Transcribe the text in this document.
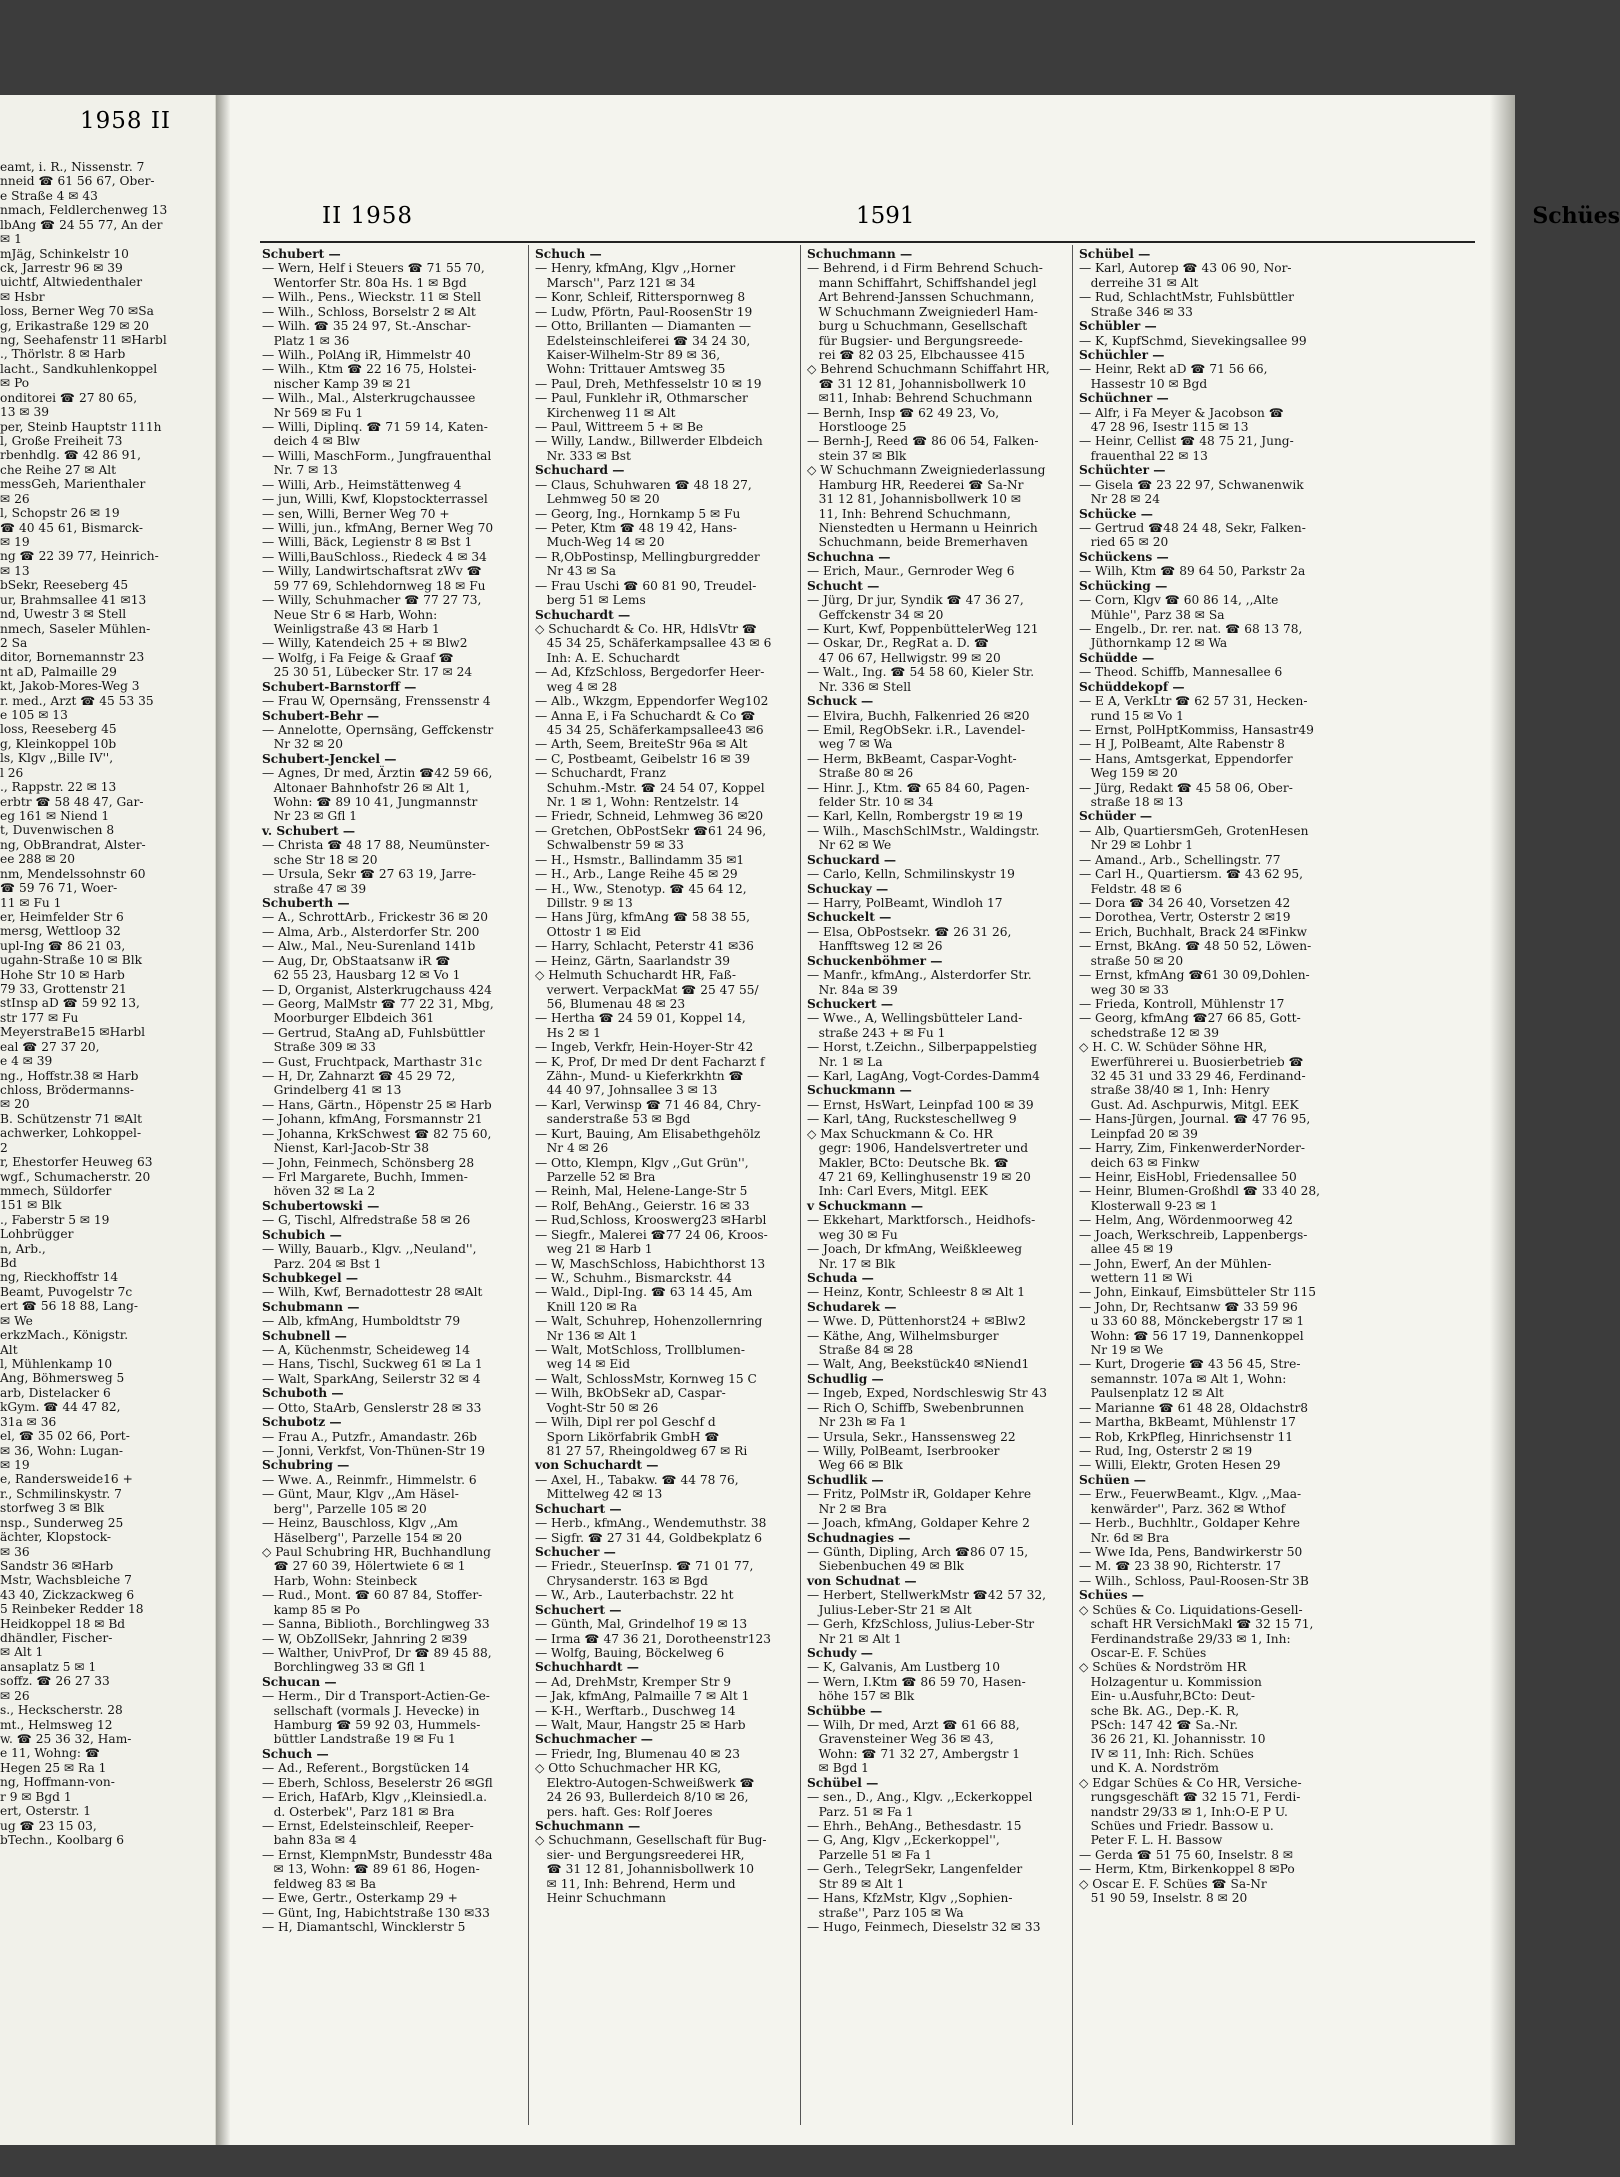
II 1958	1591	Schües
Schubert —
— Wern, Helf i Steuers ☎ 71 55 70,
Wentorfer Str. 80a Hs. 1 ✉ Bgd
— Wilh., Pens., Wieckstr. 11 ✉ Stell
— Wilh., Schloss, Borselstr 2 ✉ Alt
— Wilh. ☎ 35 24 97, St.-Anschar-
Platz 1 ✉ 36
— Wilh., PolAng iR, Himmelstr 40
— Wilh., Ktm ☎ 22 16 75, Holstei-
nischer Kamp 39 ✉ 21
— Wilh., Mal., Alsterkrugchaussee
Nr 569 ✉ Fu 1
— Willi, Diplinq. ☎ 71 59 14, Katen-
deich 4 ✉ Blw
— Willi, MaschForm., Jungfrauenthal
Nr. 7 ✉ 13
— Willi, Arb., Heimstättenweg 4
— jun, Willi, Kwf, Klopstockterrassel
— sen, Willi, Berner Weg 70 +
— Willi, jun., kfmAng, Berner Weg 70
— Willi, Bäck, Legienstr 8 ✉ Bst 1
— Willi,BauSchloss., Riedeck 4 ✉ 34
— Willy, Landwirtschaftsrat zWv ☎
59 77 69, Schlehdornweg 18 ✉ Fu
— Willy, Schuhmacher ☎ 77 27 73,
Neue Str 6 ✉ Harb, Wohn:
Weinligstraße 43 ✉ Harb 1
— Willy, Katendeich 25 + ✉ Blw2
— Wolfg, i Fa Feige & Graaf ☎
25 30 51, Lübecker Str. 17 ✉ 24
Schubert-Barnstorff —
— Frau W, Opernsäng, Frenssenstr 4
Schubert-Behr —
— Annelotte, Opernsäng, Geffckenstr
Nr 32 ✉ 20
Schubert-Jenckel —
— Agnes, Dr med, Ärztin ☎42 59 66,
Altonaer Bahnhofstr 26 ✉ Alt 1,
Wohn: ☎ 89 10 41, Jungmannstr
Nr 23 ✉ Gfl 1
v. Schubert —
— Christa ☎ 48 17 88, Neumünster-
sche Str 18 ✉ 20
— Ursula, Sekr ☎ 27 63 19, Jarre-
straße 47 ✉ 39
Schuberth —
— A., SchrottArb., Frickestr 36 ✉ 20
— Alma, Arb., Alsterdorfer Str. 200
— Alw., Mal., Neu-Surenland 141b
— Aug, Dr, ObStaatsanw iR ☎
62 55 23, Hausbarg 12 ✉ Vo 1
— D, Organist, Alsterkrugchauss 424
— Georg, MalMstr ☎ 77 22 31, Mbg,
Moorburger Elbdeich 361
— Gertrud, StaAng aD, Fuhlsbüttler
Straße 309 ✉ 33
— Gust, Fruchtpack, Marthastr 31c
— H, Dr, Zahnarzt ☎ 45 29 72,
Grindelberg 41 ✉ 13
— Hans, Gärtn., Höpenstr 25 ✉ Harb
— Johann, kfmAng, Forsmannstr 21
— Johanna, KrkSchwest ☎ 82 75 60,
Nienst, Karl-Jacob-Str 38
— John, Feinmech, Schönsberg 28
— Frl Margarete, Buchh, Immen-
höven 32 ✉ La 2
Schubertowski —
— G, Tischl, Alfredstraße 58 ✉ 26
Schubich —
— Willy, Bauarb., Klgv. ,,Neuland'',
Parz. 204 ✉ Bst 1
Schubkegel —
— Wilh, Kwf, Bernadottestr 28 ✉Alt
Schubmann —
— Alb, kfmAng, Humboldtstr 79
Schubnell —
— A, Küchenmstr, Scheideweg 14
— Hans, Tischl, Suckweg 61 ✉ La 1
— Walt, SparkAng, Seilerstr 32 ✉ 4
Schuboth —
— Otto, StaArb, Genslerstr 28 ✉ 33
Schubotz —
— Frau A., Putzfr., Amandastr. 26b
— Jonni, Verkfst, Von-Thünen-Str 19
Schubring —
— Wwe. A., Reinmfr., Himmelstr. 6
— Günt, Maur, Klgv ,,Am Häsel-
berg'', Parzelle 105 ✉ 20
— Heinz, Bauschloss, Klgv ,,Am
Häselberg'', Parzelle 154 ✉ 20
◇ Paul Schubring HR, Buchhandlung
☎ 27 60 39, Hölertwiete 6 ✉ 1
Harb, Wohn: Steinbeck
— Rud., Mont. ☎ 60 87 84, Stoffer-
kamp 85 ✉ Po
— Sanna, Biblioth., Borchlingweg 33
— W, ObZollSekr, Jahnring 2 ✉39
— Walther, UnivProf, Dr ☎ 89 45 88,
Borchlingweg 33 ✉ Gfl 1
Schucan —
— Herm., Dir d Transport-Actien-Ge-
sellschaft (vormals J. Hevecke) in
Hamburg ☎ 59 92 03, Hummels-
büttler Landstraße 19 ✉ Fu 1
Schuch —
— Ad., Referent., Borgstücken 14
— Eberh, Schloss, Beselerstr 26 ✉Gfl
— Erich, HafArb, Klgv ,,Kleinsiedl.a.
d. Osterbek'', Parz 181 ✉ Bra
— Ernst, Edelsteinschleif, Reeper-
bahn 83a ✉ 4
— Ernst, KlempnMstr, Bundesstr 48a
✉ 13, Wohn: ☎ 89 61 86, Hogen-
feldweg 83 ✉ Ba
— Ewe, Gertr., Osterkamp 29 +
— Günt, Ing, Habichtstraße 130 ✉33
— H, Diamantschl, Wincklerstr 5
Schuch —
— Henry, kfmAng, Klgv ,,Horner
Marsch'', Parz 121 ✉ 34
— Konr, Schleif, Ritterspornweg 8
— Ludw, Pförtn, Paul-RoosenStr 19
— Otto, Brillanten — Diamanten —
Edelsteinschleiferei ☎ 34 24 30,
Kaiser-Wilhelm-Str 89 ✉ 36,
Wohn: Trittauer Amtsweg 35
— Paul, Dreh, Methfesselstr 10 ✉ 19
— Paul, Funklehr iR, Othmarscher
Kirchenweg 11 ✉ Alt
— Paul, Wittreem 5 + ✉ Be
— Willy, Landw., Billwerder Elbdeich
Nr. 333 ✉ Bst
Schuchard —
— Claus, Schuhwaren ☎ 48 18 27,
Lehmweg 50 ✉ 20
— Georg, Ing., Hornkamp 5 ✉ Fu
— Peter, Ktm ☎ 48 19 42, Hans-
Much-Weg 14 ✉ 20
— R,ObPostinsp, Mellingburgredder
Nr 43 ✉ Sa
— Frau Uschi ☎ 60 81 90, Treudel-
berg 51 ✉ Lems
Schuchardt —
◇ Schuchardt & Co. HR, HdlsVtr ☎
45 34 25, Schäferkampsallee 43 ✉ 6
Inh: A. E. Schuchardt
— Ad, KfzSchloss, Bergedorfer Heer-
weg 4 ✉ 28
— Alb., Wkzgm, Eppendorfer Weg102
— Anna E, i Fa Schuchardt & Co ☎
45 34 25, Schäferkampsallee43 ✉6
— Arth, Seem, BreiteStr 96a ✉ Alt
— C, Postbeamt, Geibelstr 16 ✉ 39
— Schuchardt, Franz
Schuhm.-Mstr. ☎ 24 54 07, Koppel
Nr. 1 ✉ 1, Wohn: Rentzelstr. 14
— Friedr, Schneid, Lehmweg 36 ✉20
— Gretchen, ObPostSekr ☎61 24 96,
Schwalbenstr 59 ✉ 33
— H., Hsmstr., Ballindamm 35 ✉1
— H., Arb., Lange Reihe 45 ✉ 29
— H., Ww., Stenotyp. ☎ 45 64 12,
Dillstr. 9 ✉ 13
— Hans Jürg, kfmAng ☎ 58 38 55,
Ottostr 1 ✉ Eid
— Harry, Schlacht, Peterstr 41 ✉36
— Heinz, Gärtn, Saarlandstr 39
◇ Helmuth Schuchardt HR, Faß-
verwert. VerpackMat ☎ 25 47 55/
56, Blumenau 48 ✉ 23
— Hertha ☎ 24 59 01, Koppel 14,
Hs 2 ✉ 1
— Ingeb, Verkfr, Hein-Hoyer-Str 42
— K, Prof, Dr med Dr dent Facharzt f
Zähn-, Mund- u Kieferkrkhtn ☎
44 40 97, Johnsallee 3 ✉ 13
— Karl, Verwinsp ☎ 71 46 84, Chry-
sanderstraße 53 ✉ Bgd
— Kurt, Bauing, Am Elisabethgehölz
Nr 4 ✉ 26
— Otto, Klempn, Klgv ,,Gut Grün'',
Parzelle 52 ✉ Bra
— Reinh, Mal, Helene-Lange-Str 5
— Rolf, BehAng., Geierstr. 16 ✉ 33
— Rud,Schloss, Krooswerg23 ✉Harbl
— Siegfr., Malerei ☎77 24 06, Kroos-
weg 21 ✉ Harb 1
— W, MaschSchloss, Habichthorst 13
— W., Schuhm., Bismarckstr. 44
— Wald., Dipl-Ing. ☎ 63 14 45, Am
Knill 120 ✉ Ra
— Walt, Schuhrep, Hohenzollernring
Nr 136 ✉ Alt 1
— Walt, MotSchloss, Trollblumen-
weg 14 ✉ Eid
— Walt, SchlossMstr, Kornweg 15 C
— Wilh, BkObSekr aD, Caspar-
Voght-Str 50 ✉ 26
— Wilh, Dipl rer pol Geschf d
Sporn Likörfabrik GmbH ☎
81 27 57, Rheingoldweg 67 ✉ Ri
von Schuchardt —
— Axel, H., Tabakw. ☎ 44 78 76,
Mittelweg 42 ✉ 13
Schuchart —
— Herb., kfmAng., Wendemuthstr. 38
— Sigfr. ☎ 27 31 44, Goldbekplatz 6
Schucher —
— Friedr., SteuerInsp. ☎ 71 01 77,
Chrysanderstr. 163 ✉ Bgd
— W., Arb., Lauterbachstr. 22 ht
Schuchert —
— Günth, Mal, Grindelhof 19 ✉ 13
— Irma ☎ 47 36 21, Dorotheenstr123
— Wolfg, Bauing, Böckelweg 6
Schuchhardt —
— Ad, DrehMstr, Kremper Str 9
— Jak, kfmAng, Palmaille 7 ✉ Alt 1
— K-H., Werftarb., Duschweg 14
— Walt, Maur, Hangstr 25 ✉ Harb
Schuchmacher —
— Friedr, Ing, Blumenau 40 ✉ 23
◇ Otto Schuchmacher HR KG,
Elektro-Autogen-Schweißwerk ☎
24 26 93, Bullerdeich 8/10 ✉ 26,
pers. haft. Ges: Rolf Joeres
Schuchmann —
◇ Schuchmann, Gesellschaft für Bug-
sier- und Bergungsreederei HR,
☎ 31 12 81, Johannisbollwerk 10
✉ 11, Inh: Behrend, Herm und
Heinr Schuchmann
Schuchmann —
— Behrend, i d Firm Behrend Schuch-
mann Schiffahrt, Schiffshandel jegl
Art Behrend-Janssen Schuchmann,
W Schuchmann Zweigniederl Ham-
burg u Schuchmann, Gesellschaft
für Bugsier- und Bergungsreede-
rei ☎ 82 03 25, Elbchaussee 415
◇ Behrend Schuchmann Schiffahrt HR,
☎ 31 12 81, Johannisbollwerk 10
✉11, Inhab: Behrend Schuchmann
— Bernh, Insp ☎ 62 49 23, Vo,
Horstlooge 25
— Bernh-J, Reed ☎ 86 06 54, Falken-
stein 37 ✉ Blk
◇ W Schuchmann Zweigniederlassung
Hamburg HR, Reederei ☎ Sa-Nr
31 12 81, Johannisbollwerk 10 ✉
11, Inh: Behrend Schuchmann,
Nienstedten u Hermann u Heinrich
Schuchmann, beide Bremerhaven
Schuchna —
— Erich, Maur., Gernroder Weg 6
Schucht —
— Jürg, Dr jur, Syndik ☎ 47 36 27,
Geffckenstr 34 ✉ 20
— Kurt, Kwf, PoppenbüttelerWeg 121
— Oskar, Dr., RegRat a. D. ☎
47 06 67, Hellwigstr. 99 ✉ 20
— Walt., Ing. ☎ 54 58 60, Kieler Str.
Nr. 336 ✉ Stell
Schuck —
— Elvira, Buchh, Falkenried 26 ✉20
— Emil, RegObSekr. i.R., Lavendel-
weg 7 ✉ Wa
— Herm, BkBeamt, Caspar-Voght-
Straße 80 ✉ 26
— Hinr. J., Ktm. ☎ 65 84 60, Pagen-
felder Str. 10 ✉ 34
— Karl, Kelln, Rombergstr 19 ✉ 19
— Wilh., MaschSchlMstr., Waldingstr.
Nr 62 ✉ We
Schuckard —
— Carlo, Kelln, Schmilinskystr 19
Schuckay —
— Harry, PolBeamt, Windloh 17
Schuckelt —
— Elsa, ObPostsekr. ☎ 26 31 26,
Hanfftsweg 12 ✉ 26
Schuckenböhmer —
— Manfr., kfmAng., Alsterdorfer Str.
Nr. 84a ✉ 39
Schuckert —
— Wwe., A, Wellingsbütteler Land-
straße 243 + ✉ Fu 1
— Horst, t.Zeichn., Silberpappelstieg
Nr. 1 ✉ La
— Karl, LagAng, Vogt-Cordes-Damm4
Schuckmann —
— Ernst, HsWart, Leinpfad 100 ✉ 39
— Karl, tAng, Rucksteschellweg 9
◇ Max Schuckmann & Co. HR
gegr: 1906, Handelsvertreter und
Makler, BCto: Deutsche Bk. ☎
47 21 69, Kellinghusenstr 19 ✉ 20
Inh: Carl Evers, Mitgl. EEK
v Schuckmann —
— Ekkehart, Marktforsch., Heidhofs-
weg 30 ✉ Fu
— Joach, Dr kfmAng, Weißkleeweg
Nr. 17 ✉ Blk
Schuda —
— Heinz, Kontr, Schleestr 8 ✉ Alt 1
Schudarek —
— Wwe. D, Püttenhorst24 + ✉Blw2
— Käthe, Ang, Wilhelmsburger
Straße 84 ✉ 28
— Walt, Ang, Beekstück40 ✉Niend1
Schudlig —
— Ingeb, Exped, Nordschleswig Str 43
— Rich O, Schiffb, Swebenbrunnen
Nr 23h ✉ Fa 1
— Ursula, Sekr., Hanssensweg 22
— Willy, PolBeamt, Iserbrooker
Weg 66 ✉ Blk
Schudlik —
— Fritz, PolMstr iR, Goldaper Kehre
Nr 2 ✉ Bra
— Joach, kfmAng, Goldaper Kehre 2
Schudnagies —
— Günth, Dipling, Arch ☎86 07 15,
Siebenbuchen 49 ✉ Blk
von Schudnat —
— Herbert, StellwerkMstr ☎42 57 32,
Julius-Leber-Str 21 ✉ Alt
— Gerh, KfzSchloss, Julius-Leber-Str
Nr 21 ✉ Alt 1
Schudy —
— K, Galvanis, Am Lustberg 10
— Wern, I.Ktm ☎ 86 59 70, Hasen-
höhe 157 ✉ Blk
Schübbe —
— Wilh, Dr med, Arzt ☎ 61 66 88,
Gravensteiner Weg 36 ✉ 43,
Wohn: ☎ 71 32 27, Ambergstr 1
✉ Bgd 1
Schübel —
— sen., D., Ang., Klgv. ,,Eckerkoppel
Parz. 51 ✉ Fa 1
— Ehrh., BehAng., Bethesdastr. 15
— G, Ang, Klgv ,,Eckerkoppel'',
Parzelle 51 ✉ Fa 1
— Gerh., TelegrSekr, Langenfelder
Str 89 ✉ Alt 1
— Hans, KfzMstr, Klgv ,,Sophien-
straße'', Parz 105 ✉ Wa
— Hugo, Feinmech, Dieselstr 32 ✉ 33
Schübel —
— Karl, Autorep ☎ 43 06 90, Nor-
derreihe 31 ✉ Alt
— Rud, SchlachtMstr, Fuhlsbüttler
Straße 346 ✉ 33
Schübler —
— K, KupfSchmd, Sievekingsallee 99
Schüchler —
— Heinr, Rekt aD ☎ 71 56 66,
Hassestr 10 ✉ Bgd
Schüchner —
— Alfr, i Fa Meyer & Jacobson ☎
47 28 96, Isestr 115 ✉ 13
— Heinr, Cellist ☎ 48 75 21, Jung-
frauenthal 22 ✉ 13
Schüchter —
— Gisela ☎ 23 22 97, Schwanenwik
Nr 28 ✉ 24
Schücke —
— Gertrud ☎48 24 48, Sekr, Falken-
ried 65 ✉ 20
Schückens —
— Wilh, Ktm ☎ 89 64 50, Parkstr 2a
Schücking —
— Corn, Klgv ☎ 60 86 14, ,,Alte
Mühle'', Parz 38 ✉ Sa
— Engelb., Dr. rer. nat. ☎ 68 13 78,
Jüthornkamp 12 ✉ Wa
Schüdde —
— Theod. Schiffb, Mannesallee 6
Schüddekopf —
— E A, VerkLtr ☎ 62 57 31, Hecken-
rund 15 ✉ Vo 1
— Ernst, PolHptKommiss, Hansastr49
— H J, PolBeamt, Alte Rabenstr 8
— Hans, Amtsgerkat, Eppendorfer
Weg 159 ✉ 20
— Jürg, Redakt ☎ 45 58 06, Ober-
straße 18 ✉ 13
Schüder —
— Alb, QuartiersmGeh, GrotenHesen
Nr 29 ✉ Lohbr 1
— Amand., Arb., Schellingstr. 77
— Carl H., Quartiersm. ☎ 43 62 95,
Feldstr. 48 ✉ 6
— Dora ☎ 34 26 40, Vorsetzen 42
— Dorothea, Vertr, Osterstr 2 ✉19
— Erich, Buchhalt, Brack 24 ✉Finkw
— Ernst, BkAng. ☎ 48 50 52, Löwen-
straße 50 ✉ 20
— Ernst, kfmAng ☎61 30 09,Dohlen-
weg 30 ✉ 33
— Frieda, Kontroll, Mühlenstr 17
— Georg, kfmAng ☎27 66 85, Gott-
schedstraße 12 ✉ 39
◇ H. C. W. Schüder Söhne HR,
Ewerführerei u. Buosierbetrieb ☎
32 45 31 und 33 29 46, Ferdinand-
straße 38/40 ✉ 1, Inh: Henry
Gust. Ad. Aschpurwis, Mitgl. EEK
— Hans-Jürgen, Journal. ☎ 47 76 95,
Leinpfad 20 ✉ 39
— Harry, Zim, FinkenwerderNorder-
deich 63 ✉ Finkw
— Heinr, EisHobl, Friedensallee 50
— Heinr, Blumen-Großhdl ☎ 33 40 28,
Klosterwall 9-23 ✉ 1
— Helm, Ang, Wördenmoorweg 42
— Joach, Werkschreib, Lappenbergs-
allee 45 ✉ 19
— John, Ewerf, An der Mühlen-
wettern 11 ✉ Wi
— John, Einkauf, Eimsbütteler Str 115
— John, Dr, Rechtsanw ☎ 33 59 96
u 33 60 88, Mönckebergstr 17 ✉ 1
Wohn: ☎ 56 17 19, Dannenkoppel
Nr 19 ✉ We
— Kurt, Drogerie ☎ 43 56 45, Stre-
semannstr. 107a ✉ Alt 1, Wohn:
Paulsenplatz 12 ✉ Alt
— Marianne ☎ 61 48 28, Oldachstr8
— Martha, BkBeamt, Mühlenstr 17
— Rob, KrkPfleg, Hinrichsenstr 11
— Rud, Ing, Osterstr 2 ✉ 19
— Willi, Elektr, Groten Hesen 29
Schüen —
— Erw., FeuerwBeamt., Klgv. ,,Maa-
kenwärder'', Parz. 362 ✉ Wthof
— Herb., Buchhltr., Goldaper Kehre
Nr. 6d ✉ Bra
— Wwe Ida, Pens, Bandwirkerstr 50
— M. ☎ 23 38 90, Richterstr. 17
— Wilh., Schloss, Paul-Roosen-Str 3B
Schües —
◇ Schües & Co. Liquidations-Gesell-
schaft HR VersichMakl ☎ 32 15 71,
Ferdinandstraße 29/33 ✉ 1, Inh:
Oscar-E. F. Schües
◇ Schües & Nordström HR
Holzagentur u. Kommission
Ein- u.Ausfuhr,BCto: Deut-
sche Bk. AG., Dep.-K. R,
PSch: 147 42 ☎ Sa.-Nr.
36 26 21, Kl. Johannisstr. 10
IV ✉ 11, Inh: Rich. Schües
und K. A. Nordström
◇ Edgar Schües & Co HR, Versiche-
rungsgeschäft ☎ 32 15 71, Ferdi-
nandstr 29/33 ✉ 1, Inh:O-E P U.
Schües und Friedr. Bassow u.
Peter F. L. H. Bassow
— Gerda ☎ 51 75 60, Inselstr. 8 ✉
— Herm, Ktm, Birkenkoppel 8 ✉Po
◇ Oscar E. F. Schües ☎ Sa-Nr
51 90 59, Inselstr. 8 ✉ 20
1958 II
eamt, i. R., Nissenstr. 7
nneid ☎ 61 56 67, Ober-
e Straße 4 ✉ 43
nmach, Feldlerchenweg 13
lbAng ☎ 24 55 77, An der
✉ 1
mJäg, Schinkelstr 10
ck, Jarrestr 96 ✉ 39
uichtf, Altwiedenthaler
✉ Hsbr
loss, Berner Weg 70 ✉Sa
g, Erikastraße 129 ✉ 20
ng, Seehafenstr 11 ✉Harbl
., Thörlstr. 8 ✉ Harb
lacht., Sandkuhlenkoppel
✉ Po
onditorei ☎ 27 80 65,
13 ✉ 39
per, Steinb Hauptstr 111h
l, Große Freiheit 73
rbenhdlg. ☎ 42 86 91,
che Reihe 27 ✉ Alt
messGeh, Marienthaler
✉ 26
l, Schopstr 26 ✉ 19
☎ 40 45 61, Bismarck-
✉ 19
ng ☎ 22 39 77, Heinrich-
✉ 13
bSekr, Reeseberg 45
ur, Brahmsallee 41 ✉13
nd, Uwestr 3 ✉ Stell
nmech, Saseler Mühlen-
2 Sa
ditor, Bornemannstr 23
nt aD, Palmaille 29
kt, Jakob-Mores-Weg 3
r. med., Arzt ☎ 45 53 35
e 105 ✉ 13
loss, Reeseberg 45
g, Kleinkoppel 10b
ls, Klgv ,,Bille IV'',
l 26
., Rappstr. 22 ✉ 13
erbtr ☎ 58 48 47, Gar-
eg 161 ✉ Niend 1
t, Duvenwischen 8
ng, ObBrandrat, Alster-
ee 288 ✉ 20
nm, Mendelssohnstr 60
☎ 59 76 71, Woer-
11 ✉ Fu 1
er, Heimfelder Str 6
mersg, Wettloop 32
upl-Ing ☎ 86 21 03,
ugahn-Straße 10 ✉ Blk
Hohe Str 10 ✉ Harb
79 33, Grottenstr 21
stInsp aD ☎ 59 92 13,
str 177 ✉ Fu
MeyerstraBe15 ✉Harbl
eal ☎ 27 37 20,
e 4 ✉ 39
ng., Hoffstr.38 ✉ Harb
chloss, Brödermanns-
✉ 20
B. Schützenstr 71 ✉Alt
achwerker, Lohkoppel-
2
r, Ehestorfer Heuweg 63
wgf., Schumacherstr. 20
mmech, Süldorfer
151 ✉ Blk
., Faberstr 5 ✉ 19
Lohbrügger
n, Arb.,
Bd
ng, Rieckhoffstr 14
Beamt, Puvogelstr 7c
ert ☎ 56 18 88, Lang-
✉ We
erkzMach., Königstr.
Alt
l, Mühlenkamp 10
Ang, Böhmersweg 5
arb, Distelacker 6
kGym. ☎ 44 47 82,
31a ✉ 36
el, ☎ 35 02 66, Port-
✉ 36, Wohn: Lugan-
✉ 19
e, Randersweide16 +
r., Schmilinskystr. 7
storfweg 3 ✉ Blk
nsp., Sunderweg 25
ächter, Klopstock-
✉ 36
Sandstr 36 ✉Harb
Mstr, Wachsbleiche 7
43 40, Zickzackweg 6
5 Reinbeker Redder 18
Heidkoppel 18 ✉ Bd
dhändler, Fischer-
✉ Alt 1
ansaplatz 5 ✉ 1
soffz. ☎ 26 27 33
✉ 26
s., Heckscherstr. 28
mt., Helmsweg 12
w. ☎ 25 36 32, Ham-
e 11, Wohng: ☎
Hegen 25 ✉ Ra 1
ng, Hoffmann-von-
r 9 ✉ Bgd 1
ert, Osterstr. 1
ug ☎ 23 15 03,
bTechn., Koolbarg 6
